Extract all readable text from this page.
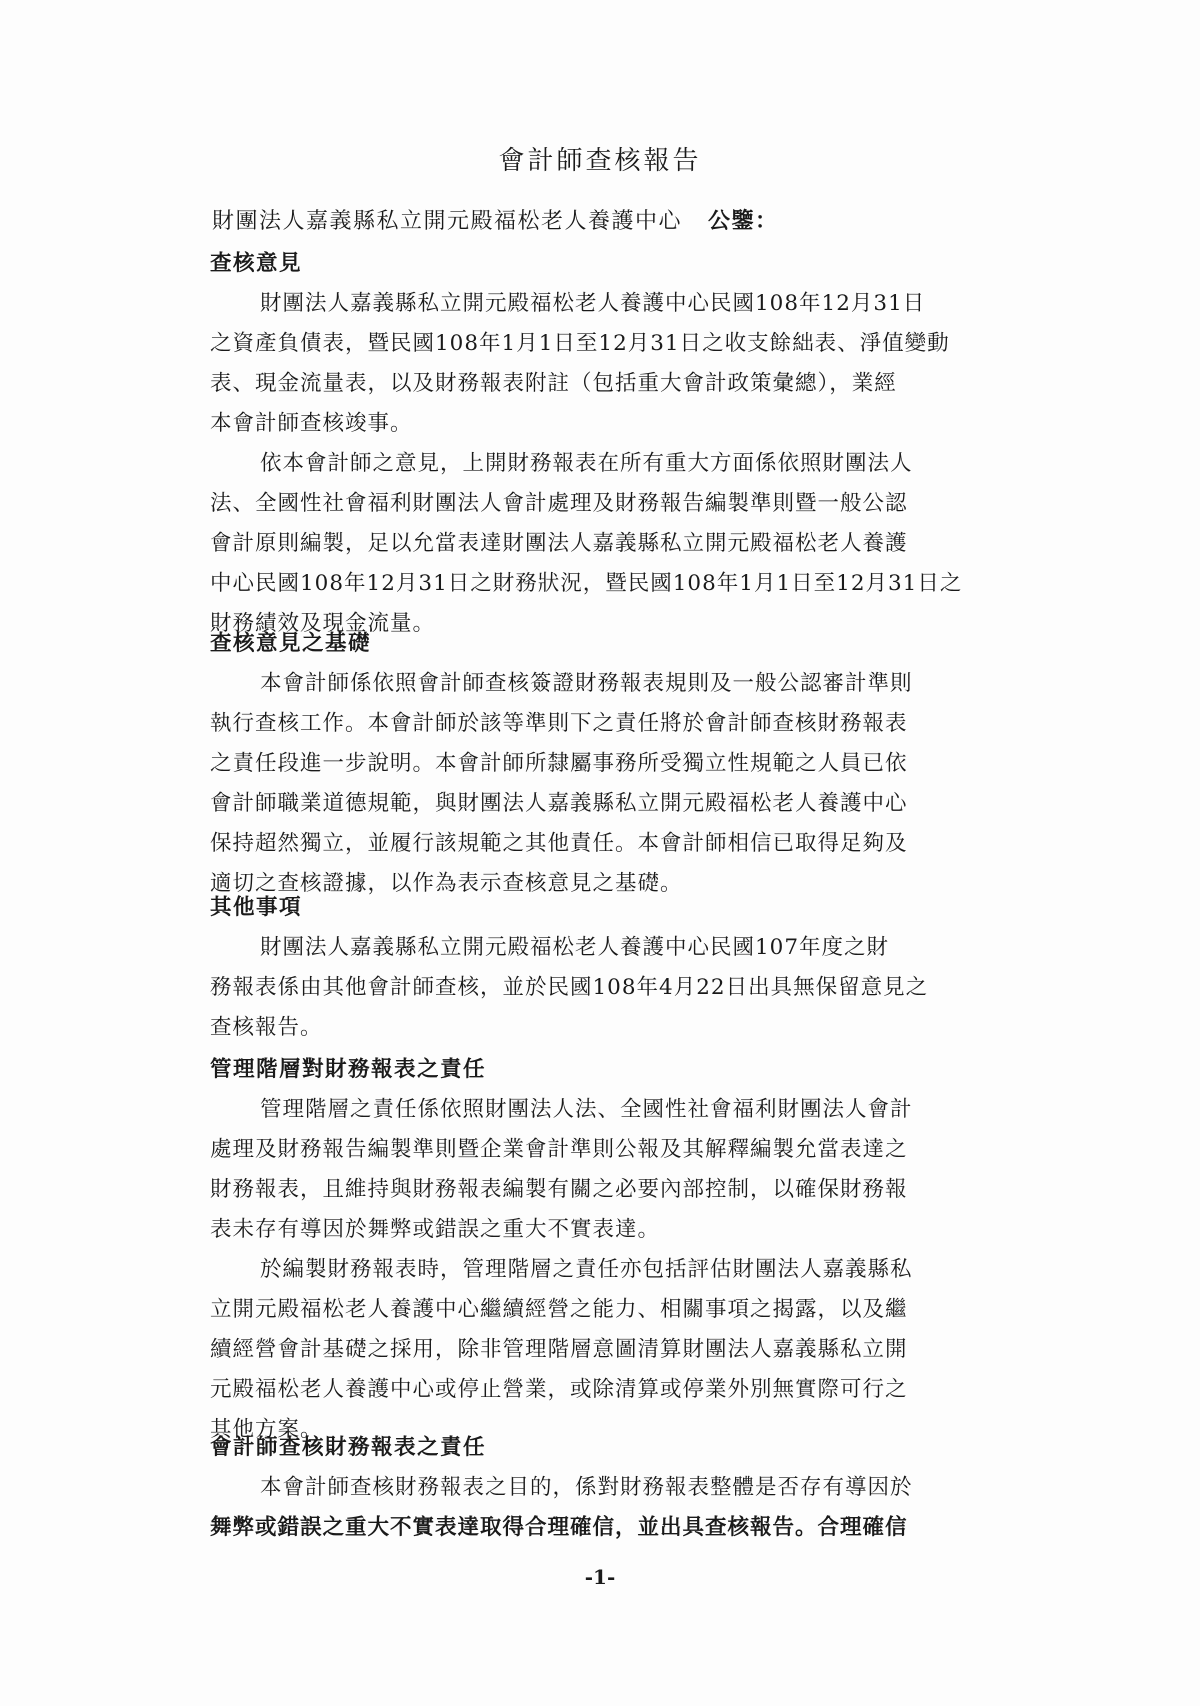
會計師查核報告
財團法人嘉義縣私立開元殿福松老人養護中心 公鑒：
查核意見

財團法人嘉義縣私立開元殿福松老人養護中心民國108年12月31日
之資產負債表，暨民國108年1月1日至12月31日之收支餘絀表、淨值變動
表、現金流量表，以及財務報表附註（包括重大會計政策彙總），業經
本會計師查核竣事。

依本會計師之意見，上開財務報表在所有重大方面係依照財團法人
法、全國性社會福利財團法人會計處理及財務報告編製準則暨一般公認
會計原則編製，足以允當表達財團法人嘉義縣私立開元殿福松老人養護
中心民國108年12月31日之財務狀況，暨民國108年1月1日至12月31日之
財務績效及現金流量。

查核意見之基礎

本會計師係依照會計師查核簽證財務報表規則及一般公認審計準則
執行查核工作。本會計師於該等準則下之責任將於會計師查核財務報表
之責任段進一步說明。本會計師所隸屬事務所受獨立性規範之人員已依
會計師職業道德規範，與財團法人嘉義縣私立開元殿福松老人養護中心
保持超然獨立，並履行該規範之其他責任。本會計師相信已取得足夠及
適切之查核證據，以作為表示查核意見之基礎。

其他事項

財團法人嘉義縣私立開元殿福松老人養護中心民國107年度之財
務報表係由其他會計師查核，並於民國108年4月22日出具無保留意見之
查核報告。

管理階層對財務報表之責任

管理階層之責任係依照財團法人法、全國性社會福利財團法人會計
處理及財務報告編製準則暨企業會計準則公報及其解釋編製允當表達之
財務報表，且維持與財務報表編製有關之必要內部控制，以確保財務報
表未存有導因於舞弊或錯誤之重大不實表達。

於編製財務報表時，管理階層之責任亦包括評估財團法人嘉義縣私
立開元殿福松老人養護中心繼續經營之能力、相關事項之揭露，以及繼
續經營會計基礎之採用，除非管理階層意圖清算財團法人嘉義縣私立開
元殿福松老人養護中心或停止營業，或除清算或停業外別無實際可行之
其他方案。

會計師查核財務報表之責任

本會計師查核財務報表之目的，係對財務報表整體是否存有導因於
舞弊或錯誤之重大不實表達取得合理確信，並出具查核報告。合理確信

-1-
